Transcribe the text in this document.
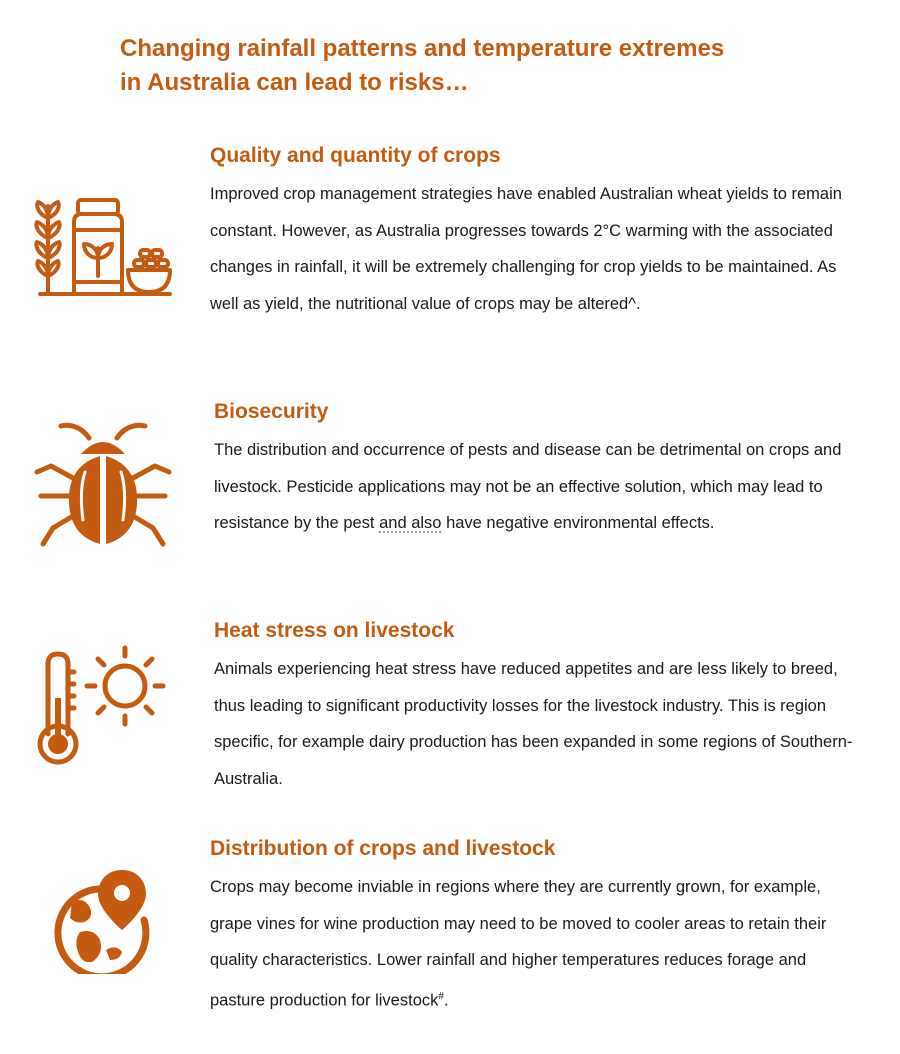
Changing rainfall patterns and temperature extremes
in Australia can lead to risks…
Quality and quantity of crops

Improved crop management strategies have enabled Australian wheat yields to remain constant. However, as Australia progresses towards 2°C warming with the associated changes in rainfall, it will be extremely challenging for crop yields to be maintained. As well as yield, the nutritional value of crops may be altered^.

Biosecurity

The distribution and occurrence of pests and disease can be detrimental on crops and livestock. Pesticide applications may not be an effective solution, which may lead to resistance by the pest and also have negative environmental effects.

Heat stress on livestock

Animals experiencing heat stress have reduced appetites and are less likely to breed, thus leading to significant productivity losses for the livestock industry. This is region specific, for example dairy production has been expanded in some regions of Southern-Australia.

Distribution of crops and livestock

Crops may become inviable in regions where they are currently grown, for example, grape vines for wine production may need to be moved to cooler areas to retain their quality characteristics. Lower rainfall and higher temperatures reduces forage and pasture production for livestock#.
